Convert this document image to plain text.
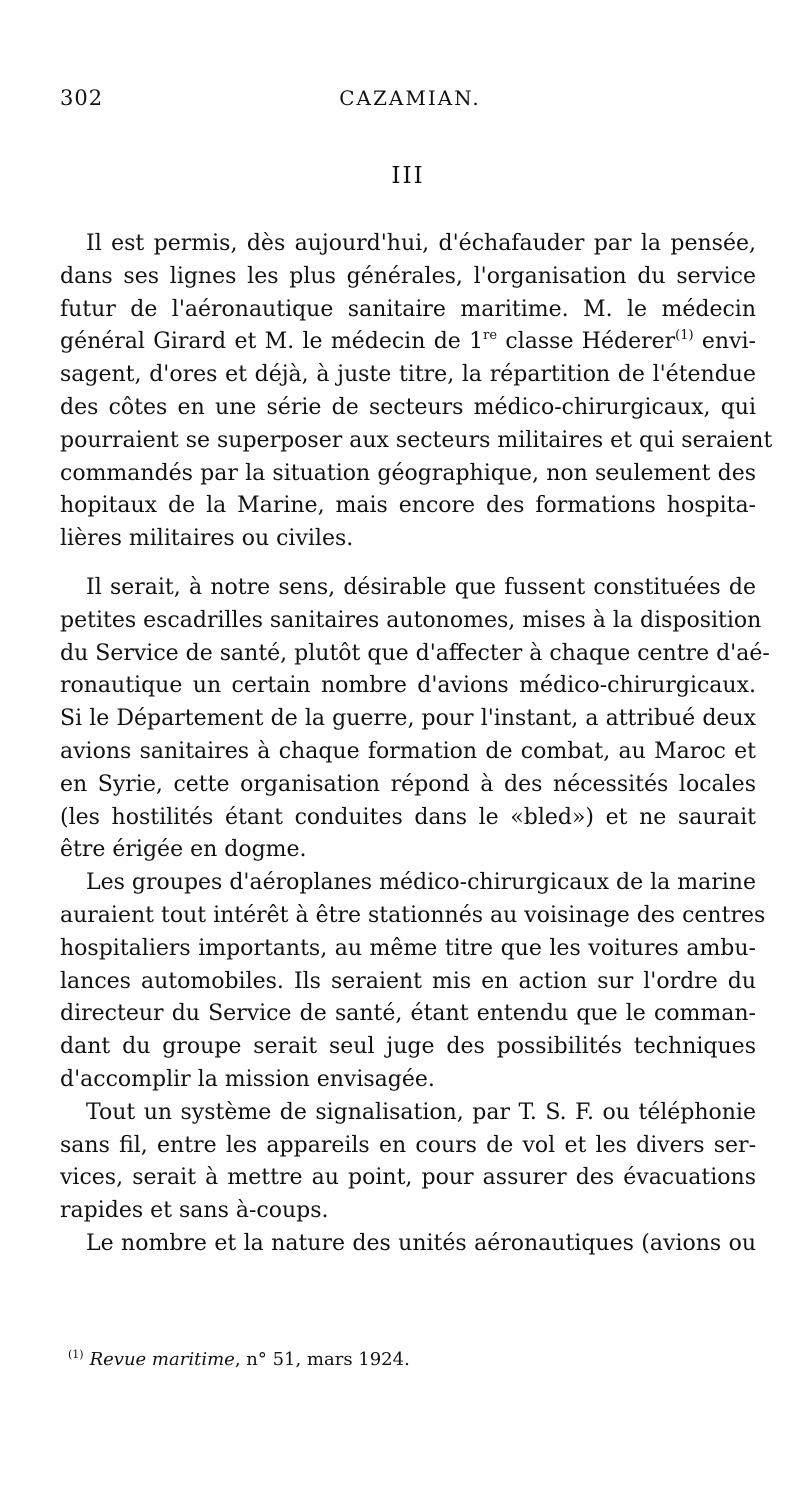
302	CAZAMIAN.
III

Il est permis, dès aujourd'hui, d'échafauder par la pensée,
dans ses lignes les plus générales, l'organisation du service
futur de l'aéronautique sanitaire maritime. M. le médecin
général Girard et M. le médecin de 1re classe Héderer$^{(1)}$ envi-
sagent, d'ores et déjà, à juste titre, la répartition de l'étendue
des côtes en une série de secteurs médico-chirurgicaux, qui
pourraient se superposer aux secteurs militaires et qui seraient
commandés par la situation géographique, non seulement des
hopitaux de la Marine, mais encore des formations hospita-
lières militaires ou civiles.

Il serait, à notre sens, désirable que fussent constituées de
petites escadrilles sanitaires autonomes, mises à la disposition
du Service de santé, plutôt que d'affecter à chaque centre d'aé-
ronautique un certain nombre d'avions médico-chirurgicaux.
Si le Département de la guerre, pour l'instant, a attribué deux
avions sanitaires à chaque formation de combat, au Maroc et
en Syrie, cette organisation répond à des nécessités locales
(les hostilités étant conduites dans le «bled») et ne saurait
être érigée en dogme.

Les groupes d'aéroplanes médico-chirurgicaux de la marine
auraient tout intérêt à être stationnés au voisinage des centres
hospitaliers importants, au même titre que les voitures ambu-
lances automobiles. Ils seraient mis en action sur l'ordre du
directeur du Service de santé, étant entendu que le comman-
dant du groupe serait seul juge des possibilités techniques
d'accomplir la mission envisagée.

Tout un système de signalisation, par T. S. F. ou téléphonie
sans fil, entre les appareils en cours de vol et les divers ser-
vices, serait à mettre au point, pour assurer des évacuations
rapides et sans à-coups.

Le nombre et la nature des unités aéronautiques (avions ou

$^{(1)}$ Revue maritime, n° 51, mars 1924.
